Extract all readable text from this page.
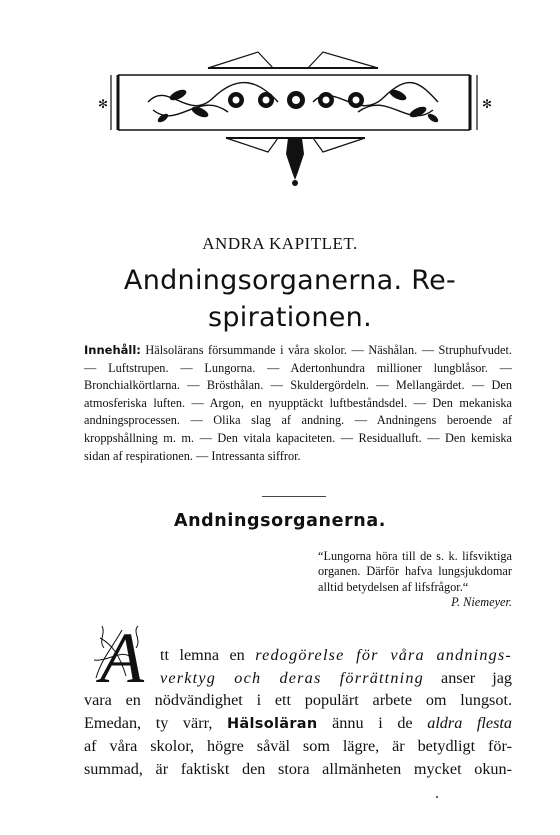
✻	✻
ANDRA KAPITLET.
Andningsorganerna. Re-
spirationen.
Innehåll: Hälsolärans försummande i våra skolor. — Näshålan. — Struphufvudet. — Luftstrupen. — Lungorna. — Adertonhundra millioner lungblåsor. — Bronchialkörtlarna. — Brösthålan. — Skuldergördeln. — Mellangärdet. — Den atmosferiska luften. — Argon, en nyupptäckt luftbeståndsdel. — Den mekaniska andningsprocessen. — Olika slag af andning. — Andningens beroende af kroppshållning m. m. — Den vitala kapaciteten. — Residualluft. — Den kemiska sidan af respirationen. — Intressanta siffror.
Andningsorganerna.
“Lungorna höra till de s. k. lifsviktiga organen. Därför hafva lungsjukdomar alltid betydelsen af lifsfrågor.“
P. Niemeyer.
A tt lemna en redogörelse för våra andnings-
verktyg och deras förrättning anser jag
vara en nödvändighet i ett populärt arbete om lungsot.
Emedan, ty värr, Hälsoläran ännu i de aldra flesta
af våra skolor, högre såväl som lägre, är betydligt för-
summad, är faktiskt den stora allmänheten mycket okun-
